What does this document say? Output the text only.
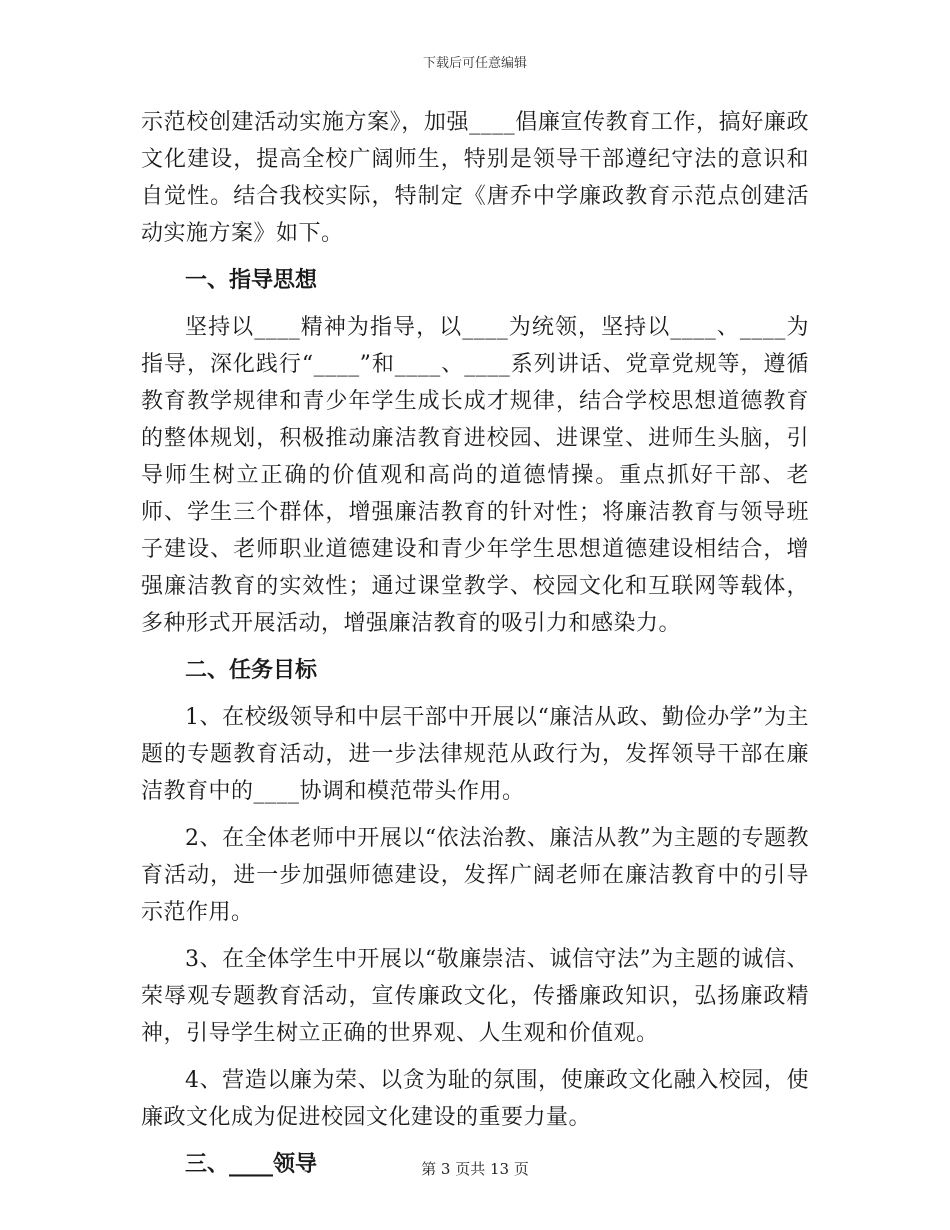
下载后可任意编辑

示范校创建活动实施方案》，加强____倡廉宣传教育工作，搞好廉政文化建设，提高全校广阔师生，特别是领导干部遵纪守法的意识和自觉性。结合我校实际，特制定《唐乔中学廉政教育示范点创建活动实施方案》如下。

一、指导思想

坚持以____精神为指导，以____为统领，坚持以____、____为指导，深化践行“____”和____、____系列讲话、党章党规等，遵循教育教学规律和青少年学生成长成才规律，结合学校思想道德教育的整体规划，积极推动廉洁教育进校园、进课堂、进师生头脑，引导师生树立正确的价值观和高尚的道德情操。重点抓好干部、老师、学生三个群体，增强廉洁教育的针对性；将廉洁教育与领导班子建设、老师职业道德建设和青少年学生思想道德建设相结合，增强廉洁教育的实效性；通过课堂教学、校园文化和互联网等载体，多种形式开展活动，增强廉洁教育的吸引力和感染力。

二、任务目标

1、在校级领导和中层干部中开展以“廉洁从政、勤俭办学”为主题的专题教育活动，进一步法律规范从政行为，发挥领导干部在廉洁教育中的____协调和模范带头作用。

2、在全体老师中开展以“依法治教、廉洁从教”为主题的专题教育活动，进一步加强师德建设，发挥广阔老师在廉洁教育中的引导示范作用。

3、在全体学生中开展以“敬廉崇洁、诚信守法”为主题的诚信、荣辱观专题教育活动，宣传廉政文化，传播廉政知识，弘扬廉政精神，引导学生树立正确的世界观、人生观和价值观。

4、营造以廉为荣、以贪为耻的氛围，使廉政文化融入校园，使廉政文化成为促进校园文化建设的重要力量。

三、____领导	第 3 页共 13 页
